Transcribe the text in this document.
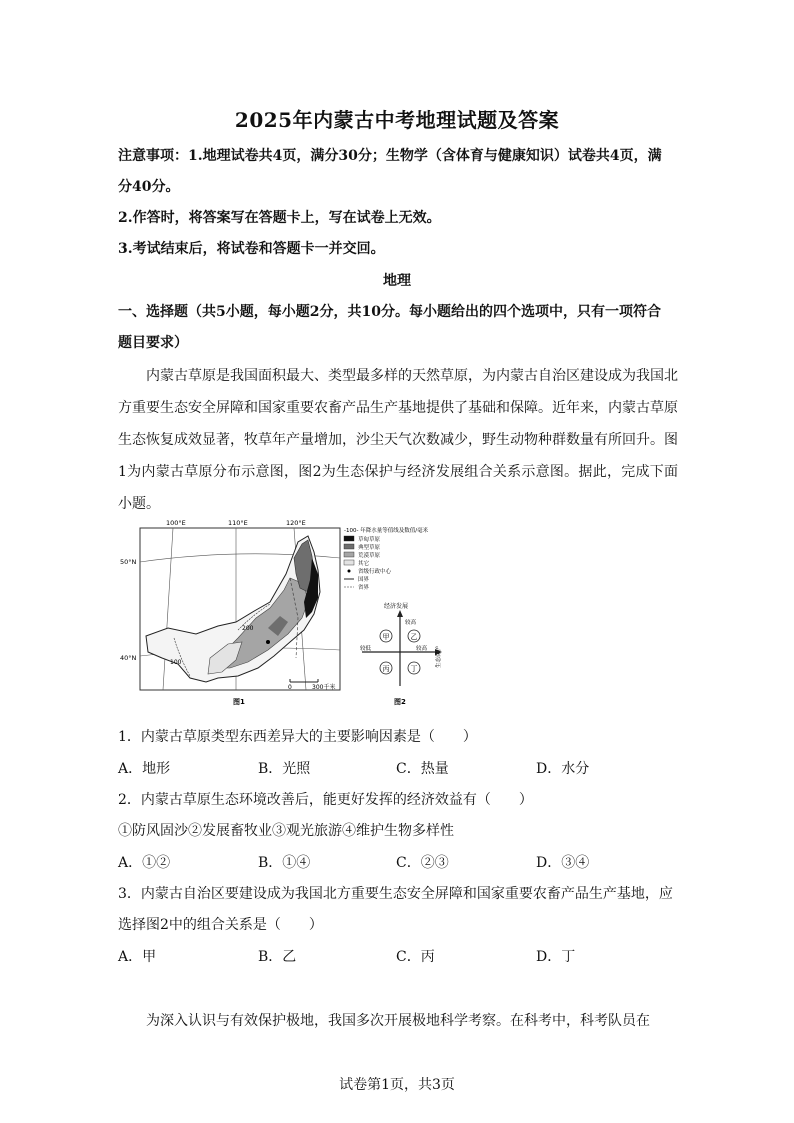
2025年内蒙古中考地理试题及答案
注意事项：1.地理试卷共4页，满分30分；生物学（含体育与健康知识）试卷共4页，满
分40分。
2.作答时，将答案写在答题卡上，写在试卷上无效。
3.考试结束后，将试卷和答题卡一并交回。
地理
一、选择题（共5小题，每小题2分，共10分。每小题给出的四个选项中，只有一项符合
题目要求）
内蒙古草原是我国面积最大、类型最多样的天然草原，为内蒙古自治区建设成为我国北方重要生态安全屏障和国家重要农畜产品生产基地提供了基础和保障。近年来，内蒙古草原生态恢复成效显著，牧草年产量增加，沙尘天气次数减少，野生动物种群数量有所回升。图1为内蒙古草原分布示意图，图2为生态保护与经济发展组合关系示意图。据此，完成下面小题。
100°E	110°E	120°E
50°N
40°N
100
200
0	300千米
图1
-100- 年降水量等值线及数值/毫米
草甸草原
典型草原
荒漠草原
其它
省级行政中心
国界
省界
经济发展
较低	较高	生态保护
较高
甲	乙
丙	丁
图2
1．内蒙古草原类型东西差异大的主要影响因素是（　　）
A．地形	B．光照	C．热量	D．水分
2．内蒙古草原生态环境改善后，能更好发挥的经济效益有（　　）
①防风固沙②发展畜牧业③观光旅游④维护生物多样性
A．①②	B．①④	C．②③	D．③④
3．内蒙古自治区要建设成为我国北方重要生态安全屏障和国家重要农畜产品生产基地，应
选择图2中的组合关系是（　　）
A．甲	B．乙	C．丙	D．丁
为深入认识与有效保护极地，我国多次开展极地科学考察。在科考中，科考队员在
试卷第1页，共3页
